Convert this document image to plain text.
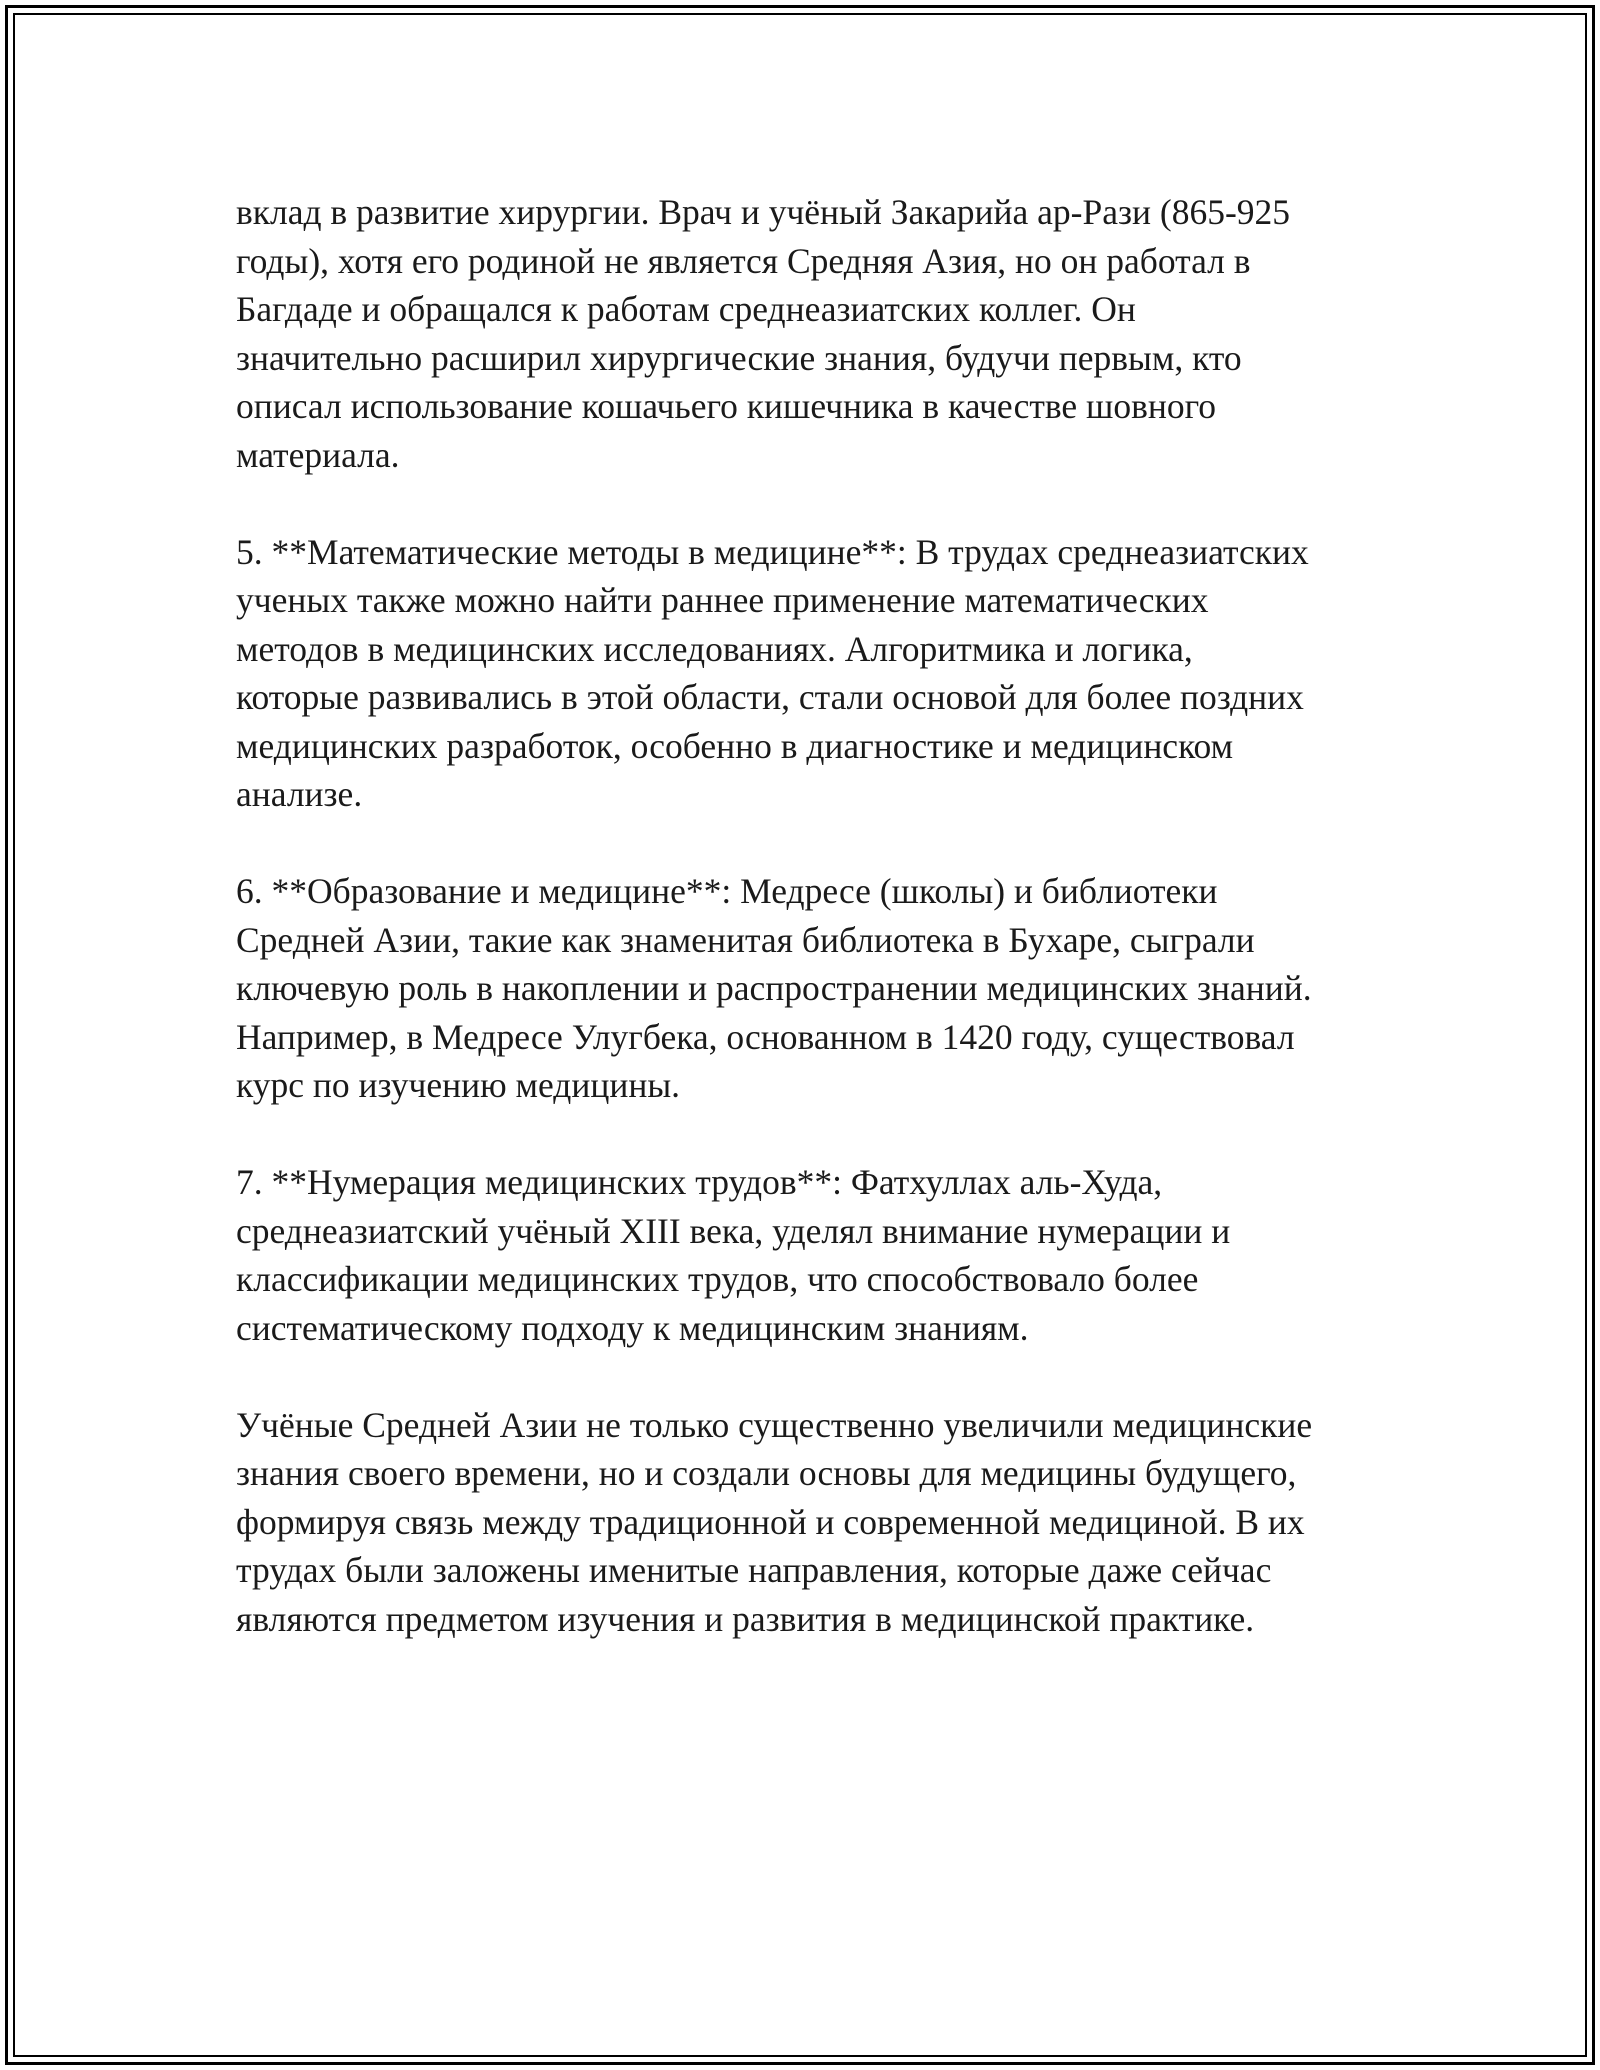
вклад в развитие хирургии. Врач и учёный Закарийа ар-Рази (865-925
годы), хотя его родиной не является Средняя Азия, но он работал в
Багдаде и обращался к работам среднеазиатских коллег. Он
значительно расширил хирургические знания, будучи первым, кто
описал использование кошачьего кишечника в качестве шовного
материала.
5. **Математические методы в медицине**: В трудах среднеазиатских
ученых также можно найти раннее применение математических
методов в медицинских исследованиях. Алгоритмика и логика,
которые развивались в этой области, стали основой для более поздних
медицинских разработок, особенно в диагностике и медицинском
анализе.
6. **Образование и медицине**: Медресе (школы) и библиотеки
Средней Азии, такие как знаменитая библиотека в Бухаре, сыграли
ключевую роль в накоплении и распространении медицинских знаний.
Например, в Медресе Улугбека, основанном в 1420 году, существовал
курс по изучению медицины.
7. **Нумерация медицинских трудов**: Фатхуллах аль-Худа,
среднеазиатский учёный XIII века, уделял внимание нумерации и
классификации медицинских трудов, что способствовало более
систематическому подходу к медицинским знаниям.
Учёные Средней Азии не только существенно увеличили медицинские
знания своего времени, но и создали основы для медицины будущего,
формируя связь между традиционной и современной медициной. В их
трудах были заложены именитые направления, которые даже сейчас
являются предметом изучения и развития в медицинской практике.
